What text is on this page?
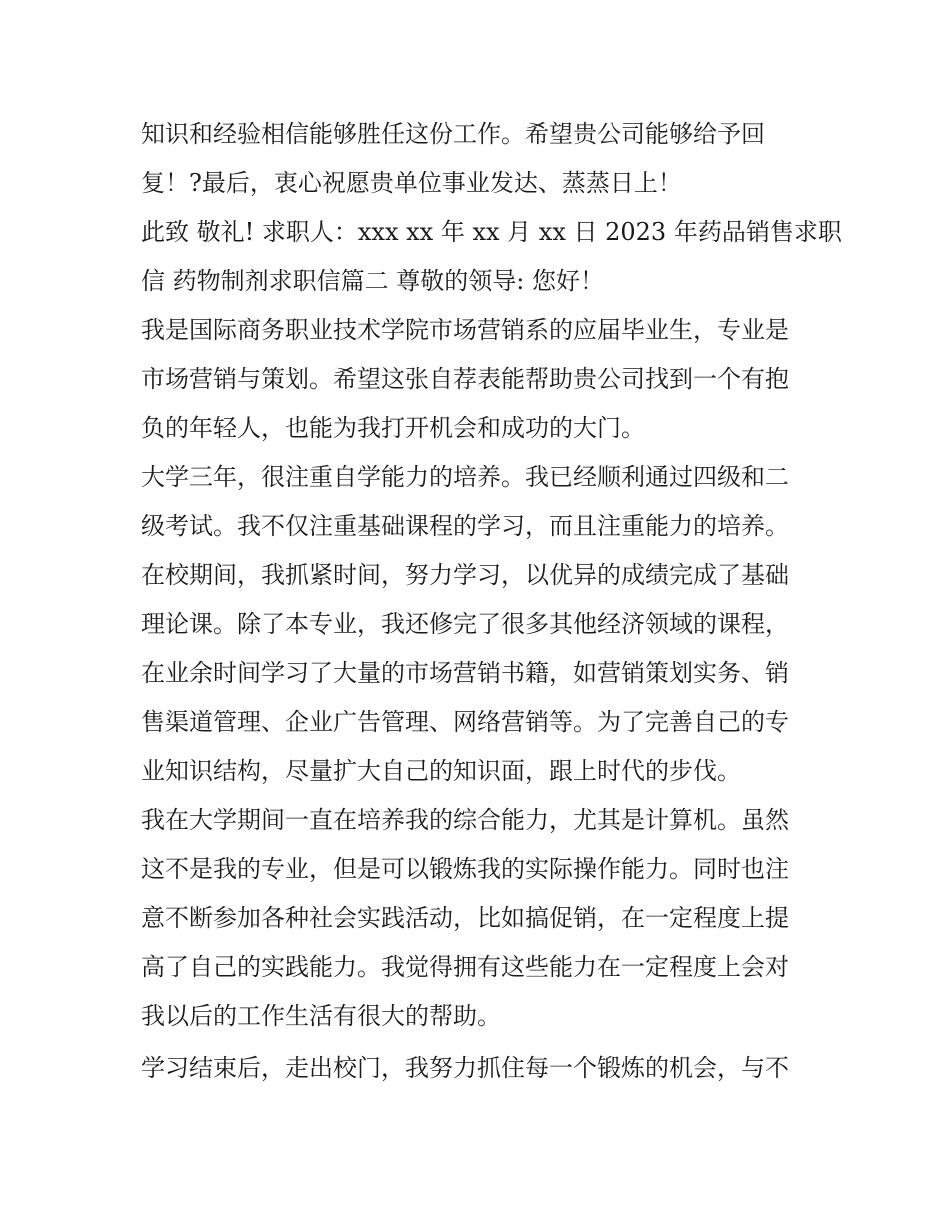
知识和经验相信能够胜任这份工作。希望贵公司能够给予回
复！?最后，衷心祝愿贵单位事业发达、蒸蒸日上！
此致 敬礼! 求职人：xxx xx 年 xx 月 xx 日 2023 年药品销售求职
信 药物制剂求职信篇二 尊敬的领导: 您好！
我是国际商务职业技术学院市场营销系的应届毕业生，专业是
市场营销与策划。希望这张自荐表能帮助贵公司找到一个有抱
负的年轻人，也能为我打开机会和成功的大门。
大学三年，很注重自学能力的培养。我已经顺利通过四级和二
级考试。我不仅注重基础课程的学习，而且注重能力的培养。
在校期间，我抓紧时间，努力学习，以优异的成绩完成了基础
理论课。除了本专业，我还修完了很多其他经济领域的课程，
在业余时间学习了大量的市场营销书籍，如营销策划实务、销
售渠道管理、企业广告管理、网络营销等。为了完善自己的专
业知识结构，尽量扩大自己的知识面，跟上时代的步伐。
我在大学期间一直在培养我的综合能力，尤其是计算机。虽然
这不是我的专业，但是可以锻炼我的实际操作能力。同时也注
意不断参加各种社会实践活动，比如搞促销，在一定程度上提
高了自己的实践能力。我觉得拥有这些能力在一定程度上会对
我以后的工作生活有很大的帮助。
学习结束后，走出校门，我努力抓住每一个锻炼的机会，与不
